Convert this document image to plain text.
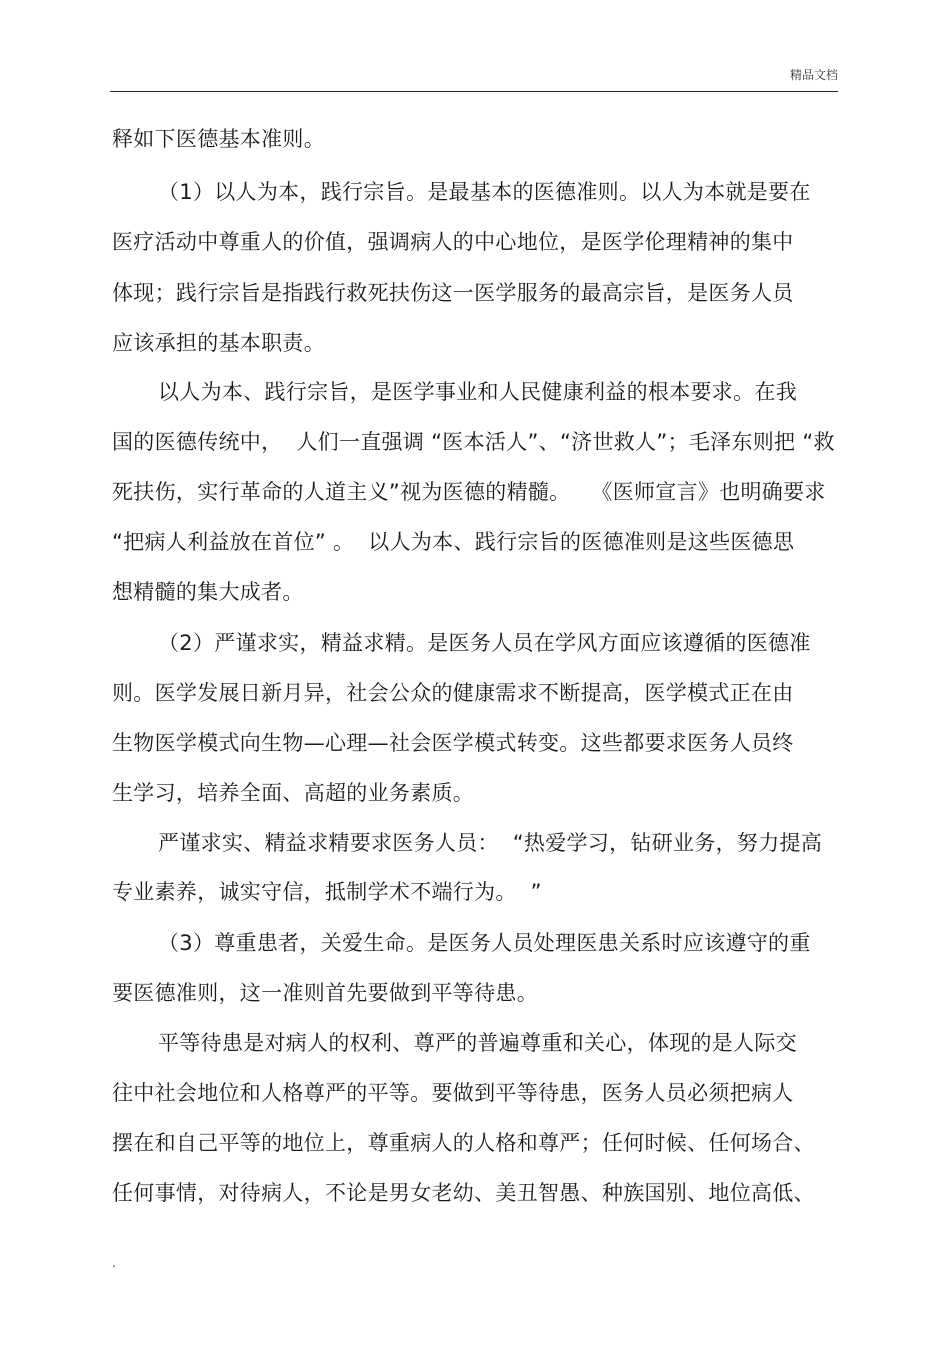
精品文档
释如下医德基本准则。
（1）以人为本，践行宗旨。是最基本的医德准则。以人为本就是要在
医疗活动中尊重人的价值，强调病人的中心地位，是医学伦理精神的集中
体现；践行宗旨是指践行救死扶伤这一医学服务的最高宗旨，是医务人员
应该承担的基本职责。
以人为本、践行宗旨，是医学事业和人民健康利益的根本要求。在我
国的医德传统中，  人们一直强调 “医本活人”、“济世救人”；毛泽东则把 “救
死扶伤，实行革命的人道主义”视为医德的精髓。   《医师宣言》也明确要求
“把病人利益放在首位” 。  以人为本、践行宗旨的医德准则是这些医德思
想精髓的集大成者。
（2）严谨求实，精益求精。是医务人员在学风方面应该遵循的医德准
则。医学发展日新月异，社会公众的健康需求不断提高，医学模式正在由
生物医学模式向生物—心理—社会医学模式转变。这些都要求医务人员终
生学习，培养全面、高超的业务素质。
严谨求实、精益求精要求医务人员：  “热爱学习，钻研业务，努力提高
专业素养，诚实守信，抵制学术不端行为。  ”
（3）尊重患者，关爱生命。是医务人员处理医患关系时应该遵守的重
要医德准则，这一准则首先要做到平等待患。
平等待患是对病人的权利、尊严的普遍尊重和关心，体现的是人际交
往中社会地位和人格尊严的平等。要做到平等待患，医务人员必须把病人
摆在和自己平等的地位上，尊重病人的人格和尊严；任何时候、任何场合、
任何事情，对待病人，不论是男女老幼、美丑智愚、种族国别、地位高低、
.
